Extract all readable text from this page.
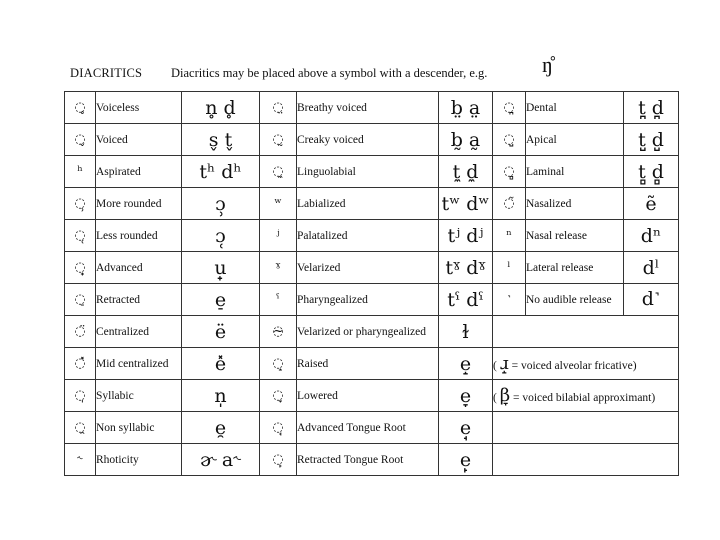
DIACRITICS Diacritics may be placed above a symbol with a descender, e.g. ŋ̊
◌̥	Voiceless	n̥ d̥	◌̤	Breathy voiced	b̤ a̤	◌̪	Dental	t̪ d̪
◌̬	Voiced	s̬ t̬	◌̰	Creaky voiced	b̰ a̰	◌̺	Apical	t̺ d̺
ʰ	Aspirated	tʰ dʰ	◌̼	Linguolabial	t̼ d̼	◌̻	Laminal	t̻ d̻
◌̹	More rounded	ɔ̹	ʷ	Labialized	tʷ dʷ	◌̃	Nasalized	ẽ
◌̜	Less rounded	ɔ̜	ʲ	Palatalized	tʲ dʲ	ⁿ	Nasal release	dⁿ
◌̟	Advanced	u̟	ˠ	Velarized	tˠ dˠ	ˡ	Lateral release	dˡ
◌̠	Retracted	e̠	ˤ	Pharyngealized	tˤ dˤ	˺	No audible release	d˺
◌̈	Centralized	ë	◌̴	Velarized or pharyngealized	ɫ			
◌̽	Mid centralized	e̽	◌̝	Raised	e̝	( ɹ̝ = voiced alveolar fricative)		
◌̩	Syllabic	n̩	◌̞	Lowered	e̞	( β̞ = voiced bilabial approximant)		
◌̯	Non syllabic	e̯	◌̘	Advanced Tongue Root	e̘			
˞	Rhoticity	ɚ a˞	◌̙	Retracted Tongue Root	e̙			
